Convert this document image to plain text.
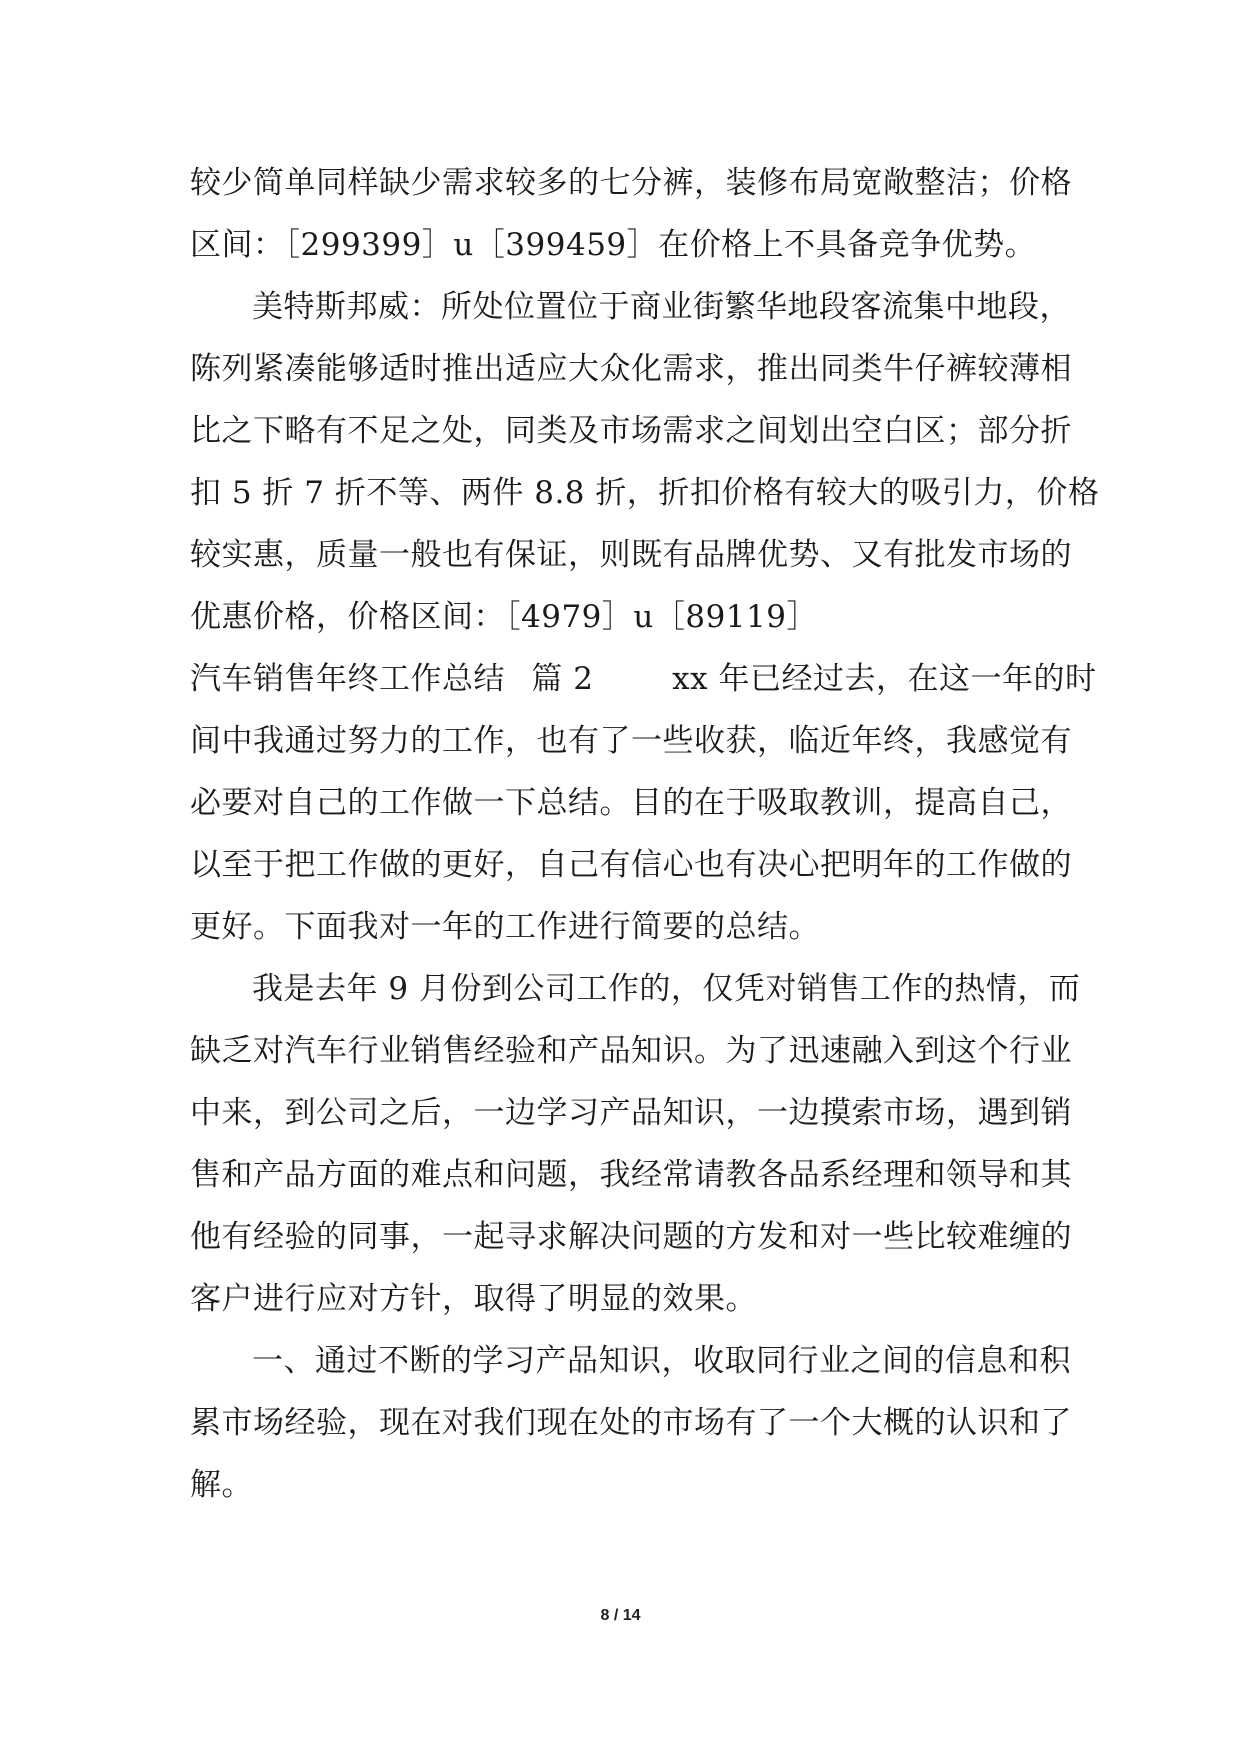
较少简单同样缺少需求较多的七分裤，装修布局宽敞整洁；价格
区间：［299399］u［399459］在价格上不具备竞争优势。
美特斯邦威：所处位置位于商业街繁华地段客流集中地段，
陈列紧凑能够适时推出适应大众化需求，推出同类牛仔裤较薄相
比之下略有不足之处，同类及市场需求之间划出空白区；部分折
扣 5 折 7 折不等、两件 8.8 折，折扣价格有较大的吸引力，价格
较实惠，质量一般也有保证，则既有品牌优势、又有批发市场的
优惠价格，价格区间：［4979］u［89119］
汽车销售年终工作总结 篇 2	xx 年已经过去，在这一年的时
间中我通过努力的工作，也有了一些收获，临近年终，我感觉有
必要对自己的工作做一下总结。目的在于吸取教训，提高自己，
以至于把工作做的更好，自己有信心也有决心把明年的工作做的
更好。下面我对一年的工作进行简要的总结。
我是去年 9 月份到公司工作的，仅凭对销售工作的热情，而
缺乏对汽车行业销售经验和产品知识。为了迅速融入到这个行业
中来，到公司之后，一边学习产品知识，一边摸索市场，遇到销
售和产品方面的难点和问题，我经常请教各品系经理和领导和其
他有经验的同事，一起寻求解决问题的方发和对一些比较难缠的
客户进行应对方针，取得了明显的效果。
一、通过不断的学习产品知识，收取同行业之间的信息和积
累市场经验，现在对我们现在处的市场有了一个大概的认识和了
解。
8 / 14
